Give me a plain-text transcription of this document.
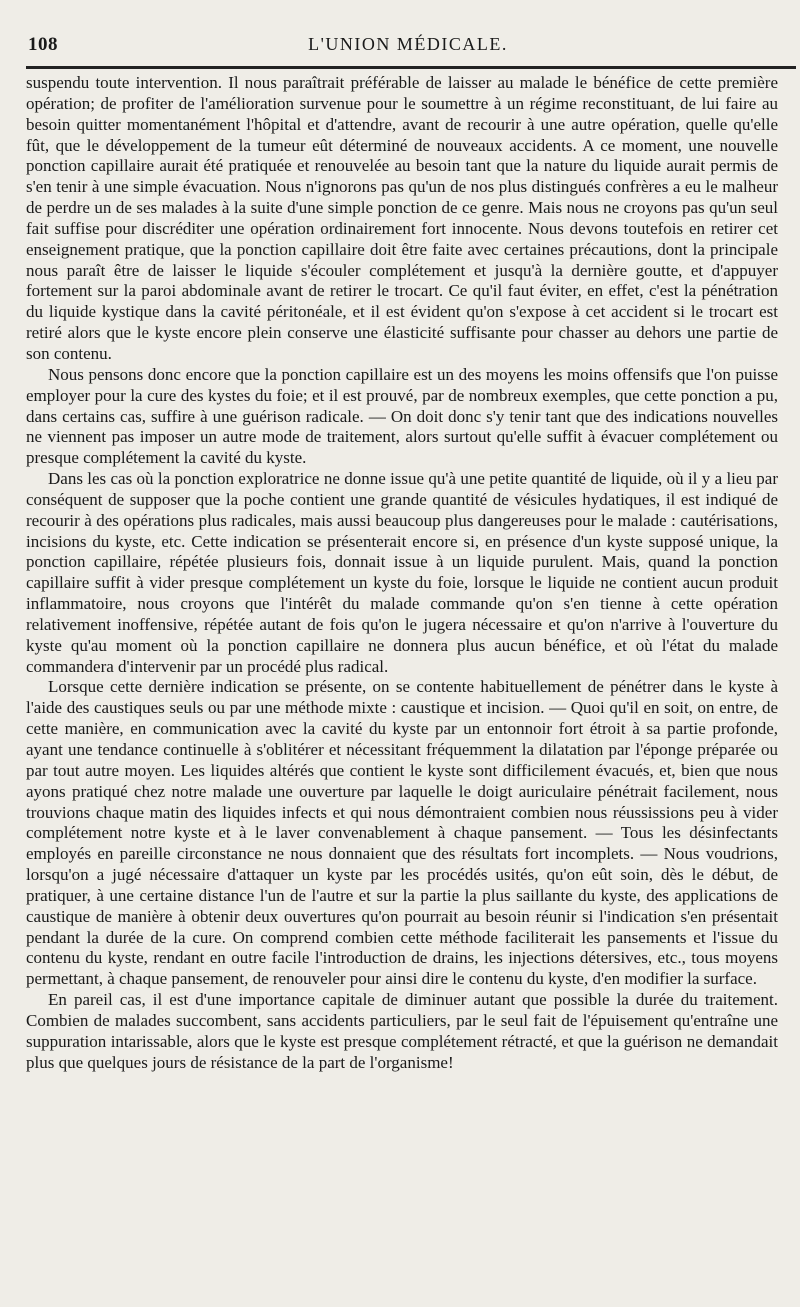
108	L'UNION MÉDICALE.

suspendu toute intervention. Il nous paraîtrait préférable de laisser au malade le bénéfice de cette première opération; de profiter de l'amélioration survenue pour le soumettre à un régime reconstituant, de lui faire au besoin quitter momentanément l'hôpital et d'attendre, avant de recourir à une autre opération, quelle qu'elle fût, que le développement de la tumeur eût déterminé de nouveaux accidents. A ce moment, une nouvelle ponction capillaire aurait été pratiquée et renouvelée au besoin tant que la nature du liquide aurait permis de s'en tenir à une simple évacuation. Nous n'ignorons pas qu'un de nos plus distingués confrères a eu le malheur de perdre un de ses malades à la suite d'une simple ponction de ce genre. Mais nous ne croyons pas qu'un seul fait suffise pour discréditer une opération ordinairement fort innocente. Nous devons toutefois en retirer cet enseignement pratique, que la ponction capillaire doit être faite avec certaines précautions, dont la principale nous paraît être de laisser le liquide s'écouler complétement et jusqu'à la dernière goutte, et d'appuyer fortement sur la paroi abdominale avant de retirer le trocart. Ce qu'il faut éviter, en effet, c'est la pénétration du liquide kystique dans la cavité péritonéale, et il est évident qu'on s'expose à cet accident si le trocart est retiré alors que le kyste encore plein conserve une élasticité suffisante pour chasser au dehors une partie de son contenu.

Nous pensons donc encore que la ponction capillaire est un des moyens les moins offensifs que l'on puisse employer pour la cure des kystes du foie; et il est prouvé, par de nombreux exemples, que cette ponction a pu, dans certains cas, suffire à une guérison radicale. — On doit donc s'y tenir tant que des indications nouvelles ne viennent pas imposer un autre mode de traitement, alors surtout qu'elle suffit à évacuer complétement ou presque complétement la cavité du kyste.

Dans les cas où la ponction exploratrice ne donne issue qu'à une petite quantité de liquide, où il y a lieu par conséquent de supposer que la poche contient une grande quantité de vésicules hydatiques, il est indiqué de recourir à des opérations plus radicales, mais aussi beaucoup plus dangereuses pour le malade : cautérisations, incisions du kyste, etc. Cette indication se présenterait encore si, en présence d'un kyste supposé unique, la ponction capillaire, répétée plusieurs fois, donnait issue à un liquide purulent. Mais, quand la ponction capillaire suffit à vider presque complétement un kyste du foie, lorsque le liquide ne contient aucun produit inflammatoire, nous croyons que l'intérêt du malade commande qu'on s'en tienne à cette opération relativement inoffensive, répétée autant de fois qu'on le jugera nécessaire et qu'on n'arrive à l'ouverture du kyste qu'au moment où la ponction capillaire ne donnera plus aucun bénéfice, et où l'état du malade commandera d'intervenir par un procédé plus radical.

Lorsque cette dernière indication se présente, on se contente habituellement de pénétrer dans le kyste à l'aide des caustiques seuls ou par une méthode mixte : caustique et incision. — Quoi qu'il en soit, on entre, de cette manière, en communication avec la cavité du kyste par un entonnoir fort étroit à sa partie profonde, ayant une tendance continuelle à s'oblitérer et nécessitant fréquemment la dilatation par l'éponge préparée ou par tout autre moyen. Les liquides altérés que contient le kyste sont difficilement évacués, et, bien que nous ayons pratiqué chez notre malade une ouverture par laquelle le doigt auriculaire pénétrait facilement, nous trouvions chaque matin des liquides infects et qui nous démontraient combien nous réussissions peu à vider complétement notre kyste et à le laver convenablement à chaque pansement. — Tous les désinfectants employés en pareille circonstance ne nous donnaient que des résultats fort incomplets. — Nous voudrions, lorsqu'on a jugé nécessaire d'attaquer un kyste par les procédés usités, qu'on eût soin, dès le début, de pratiquer, à une certaine distance l'un de l'autre et sur la partie la plus saillante du kyste, des applications de caustique de manière à obtenir deux ouvertures qu'on pourrait au besoin réunir si l'indication s'en présentait pendant la durée de la cure. On comprend combien cette méthode faciliterait les pansements et l'issue du contenu du kyste, rendant en outre facile l'introduction de drains, les injections détersives, etc., tous moyens permettant, à chaque pansement, de renouveler pour ainsi dire le contenu du kyste, d'en modifier la surface.

En pareil cas, il est d'une importance capitale de diminuer autant que possible la durée du traitement. Combien de malades succombent, sans accidents particuliers, par le seul fait de l'épuisement qu'entraîne une suppuration intarissable, alors que le kyste est presque complétement rétracté, et que la guérison ne demandait plus que quelques jours de résistance de la part de l'organisme!
